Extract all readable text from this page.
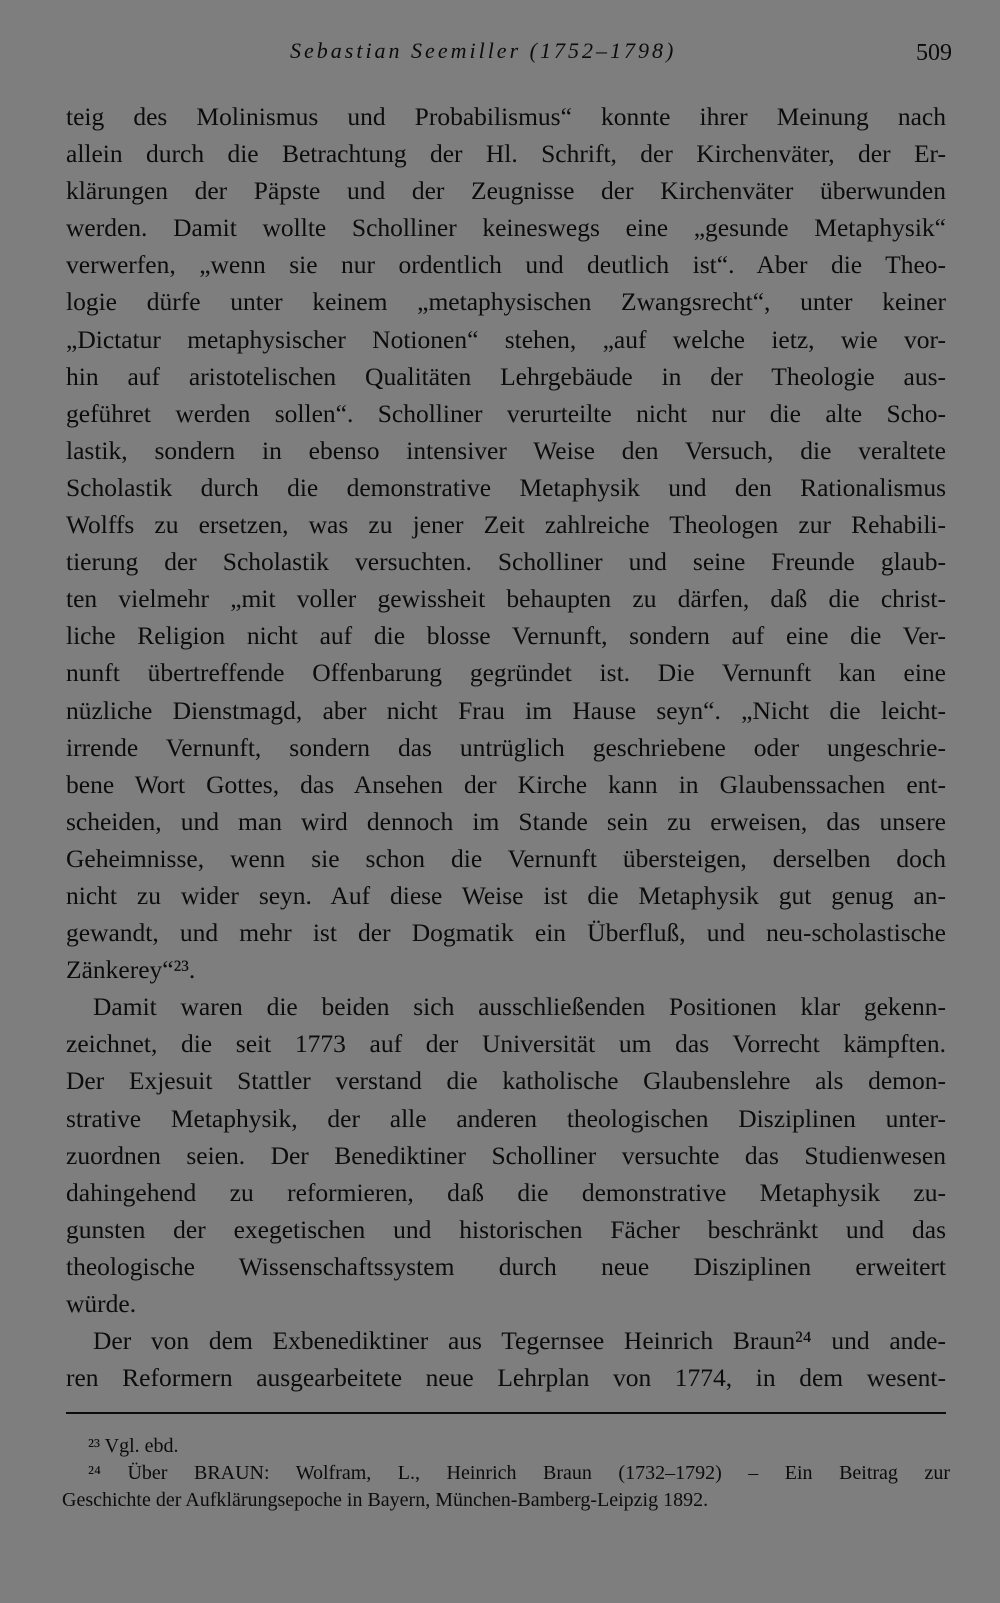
Sebastian Seemiller (1752–1798)	509
teig des Molinismus und Probabilismus“ konnte ihrer Meinung nach
allein durch die Betrachtung der Hl. Schrift, der Kirchenväter, der Er-
klärungen der Päpste und der Zeugnisse der Kirchenväter überwunden
werden. Damit wollte Scholliner keineswegs eine „gesunde Metaphysik“
verwerfen, „wenn sie nur ordentlich und deutlich ist“. Aber die Theo-
logie dürfe unter keinem „metaphysischen Zwangsrecht“, unter keiner
„Dictatur metaphysischer Notionen“ stehen, „auf welche ietz, wie vor-
hin auf aristotelischen Qualitäten Lehrgebäude in der Theologie aus-
geführet werden sollen“. Scholliner verurteilte nicht nur die alte Scho-
lastik, sondern in ebenso intensiver Weise den Versuch, die veraltete
Scholastik durch die demonstrative Metaphysik und den Rationalismus
Wolffs zu ersetzen, was zu jener Zeit zahlreiche Theologen zur Rehabili-
tierung der Scholastik versuchten. Scholliner und seine Freunde glaub-
ten vielmehr „mit voller gewissheit behaupten zu därfen, daß die christ-
liche Religion nicht auf die blosse Vernunft, sondern auf eine die Ver-
nunft übertreffende Offenbarung gegründet ist. Die Vernunft kan eine
nüzliche Dienstmagd, aber nicht Frau im Hause seyn“. „Nicht die leicht-
irrende Vernunft, sondern das untrüglich geschriebene oder ungeschrie-
bene Wort Gottes, das Ansehen der Kirche kann in Glaubenssachen ent-
scheiden, und man wird dennoch im Stande sein zu erweisen, das unsere
Geheimnisse, wenn sie schon die Vernunft übersteigen, derselben doch
nicht zu wider seyn. Auf diese Weise ist die Metaphysik gut genug an-
gewandt, und mehr ist der Dogmatik ein Überfluß, und neu-scholastische
Zänkerey“²³.
Damit waren die beiden sich ausschließenden Positionen klar gekenn-
zeichnet, die seit 1773 auf der Universität um das Vorrecht kämpften.
Der Exjesuit Stattler verstand die katholische Glaubenslehre als demon-
strative Metaphysik, der alle anderen theologischen Disziplinen unter-
zuordnen seien. Der Benediktiner Scholliner versuchte das Studienwesen
dahingehend zu reformieren, daß die demonstrative Metaphysik zu-
gunsten der exegetischen und historischen Fächer beschränkt und das
theologische Wissenschaftssystem durch neue Disziplinen erweitert
würde.
Der von dem Exbenediktiner aus Tegernsee Heinrich Braun²⁴ und ande-
ren Reformern ausgearbeitete neue Lehrplan von 1774, in dem wesent-
²³ Vgl. ebd.
²⁴ Über BRAUN: Wolfram, L., Heinrich Braun (1732–1792) – Ein Beitrag zur
Geschichte der Aufklärungsepoche in Bayern, München-Bamberg-Leipzig 1892.
